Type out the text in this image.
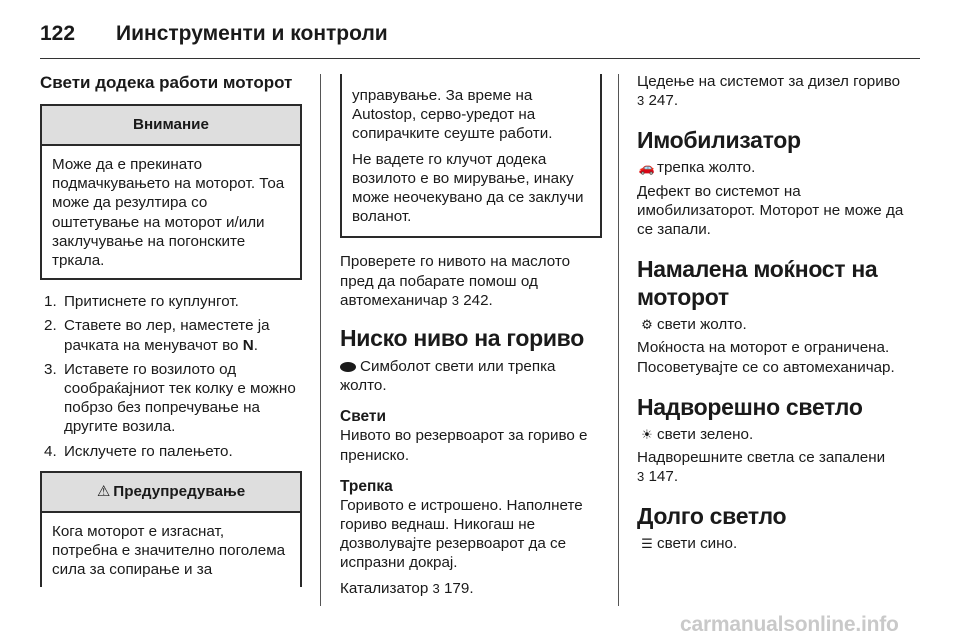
122 Иинструменти и контроли
Свети додека работи моторот
Внимание
Може да е прекинато подмачкувањето на моторот. Тоа може да резултира со оштетување на моторот и/или заклучување на погонските тркала.
1. Притиснете го куплунгот.
2. Ставете во лер, наместете ја рачката на менувачот во N.
3. Иставете го возилото од сообраќајниот тек колку е можно побрзо без попречување на другите возила.
4. Исклучете го палењето.
⚠ Предупредување
Кога моторот е изгаснат, потребна е значително поголема сила за сопирање и за

управување. За време на Autostop, серво-уредот на сопирачките сеуште работи.

Не вадете го клучот додека возилото е во мирување, инаку може неочекувано да се заклучи воланот.

Проверете го нивото на маслото пред да побарате помош од автомеханичар 3 242.

Ниско ниво на гориво

Симболот свети или трепка жолто.

Свети

Нивото во резервоарот за гориво е прениско.

Трепка

Горивото е истрошено. Наполнете гориво веднаш. Никогаш не дозволувајте резервоарот да се испразни докрај.

Катализатор 3 179.

Цедење на системот за дизел гориво 3 247.

Имобилизатор

🚗 трепка жолто.

Дефект во системот на имобилизаторот. Моторот не може да се запали.

Намалена моќност на моторот

⚙ свети жолто.

Моќноста на моторот е ограничена. Посоветувајте се со автомеханичар.

Надворешно светло

☀ свети зелено.

Надворешните светла се запалени
3 147.

Долго светло

☰ свети сино.

carmanualsonline.info
